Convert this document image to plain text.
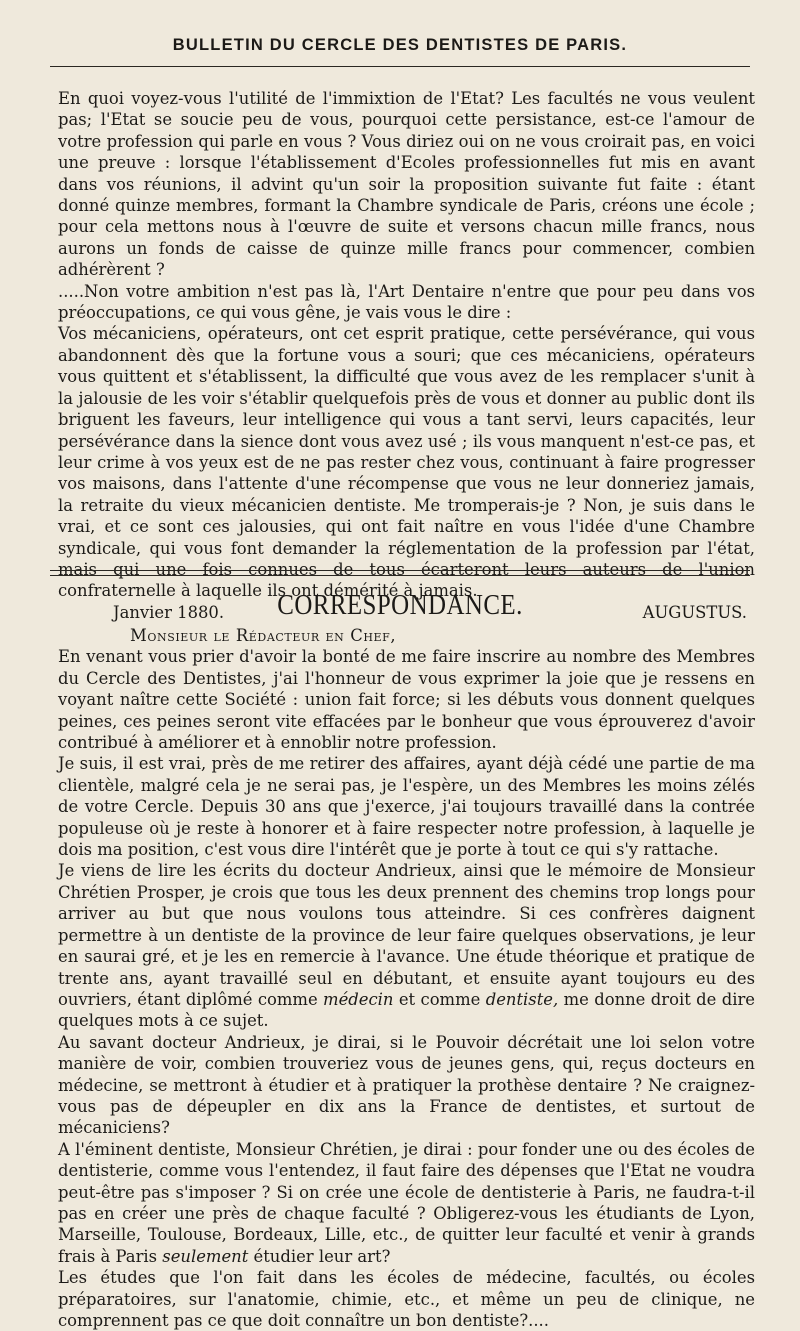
BULLETIN DU CERCLE DES DENTISTES DE PARIS.

En quoi voyez-vous l'utilité de l'immixtion de l'Etat? Les facultés ne vous veulent pas; l'Etat se soucie peu de vous, pourquoi cette persistance, est-ce l'amour de votre profession qui parle en vous ? Vous diriez oui on ne vous croirait pas, en voici une preuve : lorsque l'établissement d'Ecoles professionnelles fut mis en avant dans vos réunions, il advint qu'un soir la proposition suivante fut faite : étant donné quinze membres, formant la Chambre syndicale de Paris, créons une école ; pour cela mettons nous à l'œuvre de suite et versons chacun mille francs, nous aurons un fonds de caisse de quinze mille francs pour commencer, combien adhérèrent ?

.....Non votre ambition n'est pas là, l'Art Dentaire n'entre que pour peu dans vos préoccupations, ce qui vous gêne, je vais vous le dire :

Vos mécaniciens, opérateurs, ont cet esprit pratique, cette persévérance, qui vous abandonnent dès que la fortune vous a souri; que ces mécaniciens, opérateurs vous quittent et s'établissent, la difficulté que vous avez de les remplacer s'unit à la jalousie de les voir s'établir quelquefois près de vous et donner au public dont ils briguent les faveurs, leur intelligence qui vous a tant servi, leurs capacités, leur persévérance dans la sience dont vous avez usé ; ils vous manquent n'est-ce pas, et leur crime à vos yeux est de ne pas rester chez vous, continuant à faire progresser vos maisons, dans l'attente d'une récompense que vous ne leur donneriez jamais, la retraite du vieux mécanicien dentiste. Me tromperais-je ? Non, je suis dans le vrai, et ce sont ces jalousies, qui ont fait naître en vous l'idée d'une Chambre syndicale, qui vous font demander la réglementation de la profession par l'état, mais qui une fois connues de tous écarteront leurs auteurs de l'union confraternelle à laquelle ils ont démérité à jamais.

Janvier 1880.	AUGUSTUS.
CORRESPONDANCE.

Monsieur le Rédacteur en Chef,

En venant vous prier d'avoir la bonté de me faire inscrire au nombre des Membres du Cercle des Dentistes, j'ai l'honneur de vous exprimer la joie que je ressens en voyant naître cette Société : union fait force; si les débuts vous donnent quelques peines, ces peines seront vite effacées par le bonheur que vous éprouverez d'avoir contribué à améliorer et à ennoblir notre profession.

Je suis, il est vrai, près de me retirer des affaires, ayant déjà cédé une partie de ma clientèle, malgré cela je ne serai pas, je l'espère, un des Membres les moins zélés de votre Cercle. Depuis 30 ans que j'exerce, j'ai toujours travaillé dans la contrée populeuse où je reste à honorer et à faire respecter notre profession, à laquelle je dois ma position, c'est vous dire l'intérêt que je porte à tout ce qui s'y rattache.

Je viens de lire les écrits du docteur Andrieux, ainsi que le mémoire de Monsieur Chrétien Prosper, je crois que tous les deux prennent des chemins trop longs pour arriver au but que nous voulons tous atteindre. Si ces confrères daignent permettre à un dentiste de la province de leur faire quelques observations, je leur en saurai gré, et je les en remercie à l'avance. Une étude théorique et pratique de trente ans, ayant travaillé seul en débutant, et ensuite ayant toujours eu des ouvriers, étant diplômé comme médecin et comme dentiste, me donne droit de dire quelques mots à ce sujet.

Au savant docteur Andrieux, je dirai, si le Pouvoir décrétait une loi selon votre manière de voir, combien trouveriez vous de jeunes gens, qui, reçus docteurs en médecine, se mettront à étudier et à pratiquer la prothèse dentaire ? Ne craignez-vous pas de dépeupler en dix ans la France de dentistes, et surtout de mécaniciens?

A l'éminent dentiste, Monsieur Chrétien, je dirai : pour fonder une ou des écoles de dentisterie, comme vous l'entendez, il faut faire des dépenses que l'Etat ne voudra peut-être pas s'imposer ? Si on crée une école de dentisterie à Paris, ne faudra-t-il pas en créer une près de chaque faculté ? Obligerez-vous les étudiants de Lyon, Marseille, Toulouse, Bordeaux, Lille, etc., de quitter leur faculté et venir à grands frais à Paris seulement étudier leur art?

Les études que l'on fait dans les écoles de médecine, facultés, ou écoles préparatoires, sur l'anatomie, chimie, etc., et même un peu de clinique, ne comprennent pas ce que doit connaître un bon dentiste?....
